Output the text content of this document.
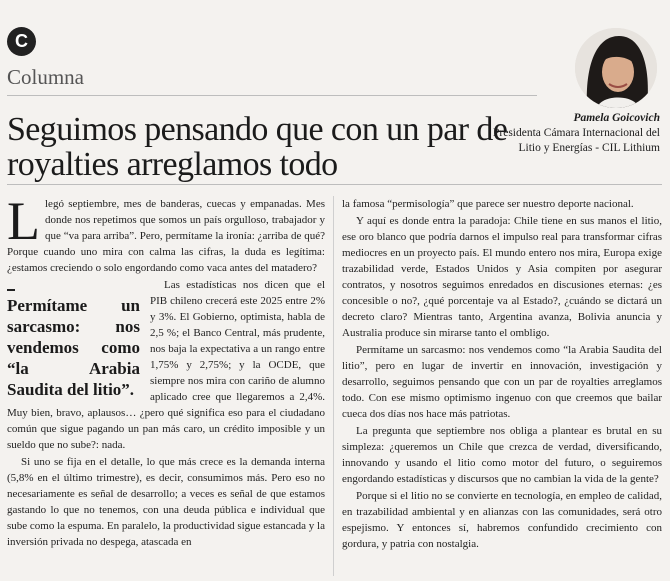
C
Columna
Seguimos pensando que con un par de royalties arreglamos todo
Pamela Goicovich
Presidenta Cámara Internacional del Litio y Energías - CIL Lithium

Llegó septiembre, mes de banderas, cuecas y empanadas. Mes donde nos repetimos que somos un país orgulloso, trabajador y que “va para arriba”. Pero, permítame la ironía: ¿arriba de qué? Porque cuando uno mira con calma las cifras, la duda es legítima: ¿estamos creciendo o solo engordando como vaca antes del matadero?

Permítame un sarcasmo: nos vendemos como “la Arabia Saudita del litio”.

Las estadísticas nos dicen que el PIB chileno crecerá este 2025 entre 2% y 3%. El Gobierno, optimista, habla de 2,5 %; el Banco Central, más prudente, nos baja la expectativa a un rango entre 1,75% y 2,75%; y la OCDE, que siempre nos mira con cariño de alumno aplicado cree que llegaremos a 2,4%. Muy bien, bravo, aplausos… ¿pero qué significa eso para el ciudadano común que sigue pagando un pan más caro, un crédito imposible y un sueldo que no sube?: nada.

Si uno se fija en el detalle, lo que más crece es la demanda interna (5,8% en el último trimestre), es decir, consumimos más. Pero eso no necesariamente es señal de desarrollo; a veces es señal de que estamos gastando lo que no tenemos, con una deuda pública e individual que sube como la espuma. En paralelo, la productividad sigue estancada y la inversión privada no despega, atascada en

la famosa “permisología” que parece ser nuestro deporte nacional.

Y aquí es donde entra la paradoja: Chile tiene en sus manos el litio, ese oro blanco que podría darnos el impulso real para transformar cifras mediocres en un proyecto país. El mundo entero nos mira, Europa exige trazabilidad verde, Estados Unidos y Asia compiten por asegurar contratos, y nosotros seguimos enredados en discusiones eternas: ¿es concesible o no?, ¿qué porcentaje va al Estado?, ¿cuándo se dictará un decreto claro? Mientras tanto, Argentina avanza, Bolivia anuncia y Australia produce sin mirarse tanto el ombligo.

Permítame un sarcasmo: nos vendemos como “la Arabia Saudita del litio”, pero en lugar de invertir en innovación, investigación y desarrollo, seguimos pensando que con un par de royalties arreglamos todo. Con ese mismo optimismo ingenuo con que creemos que bailar cueca dos días nos hace más patriotas.

La pregunta que septiembre nos obliga a plantear es brutal en su simpleza: ¿queremos un Chile que crezca de verdad, diversificando, innovando y usando el litio como motor del futuro, o seguiremos engordando estadísticas y discursos que no cambian la vida de la gente?

Porque si el litio no se convierte en tecnología, en empleo de calidad, en trazabilidad ambiental y en alianzas con las comunidades, será otro espejismo. Y entonces sí, habremos confundido crecimiento con gordura, y patria con nostalgia.
